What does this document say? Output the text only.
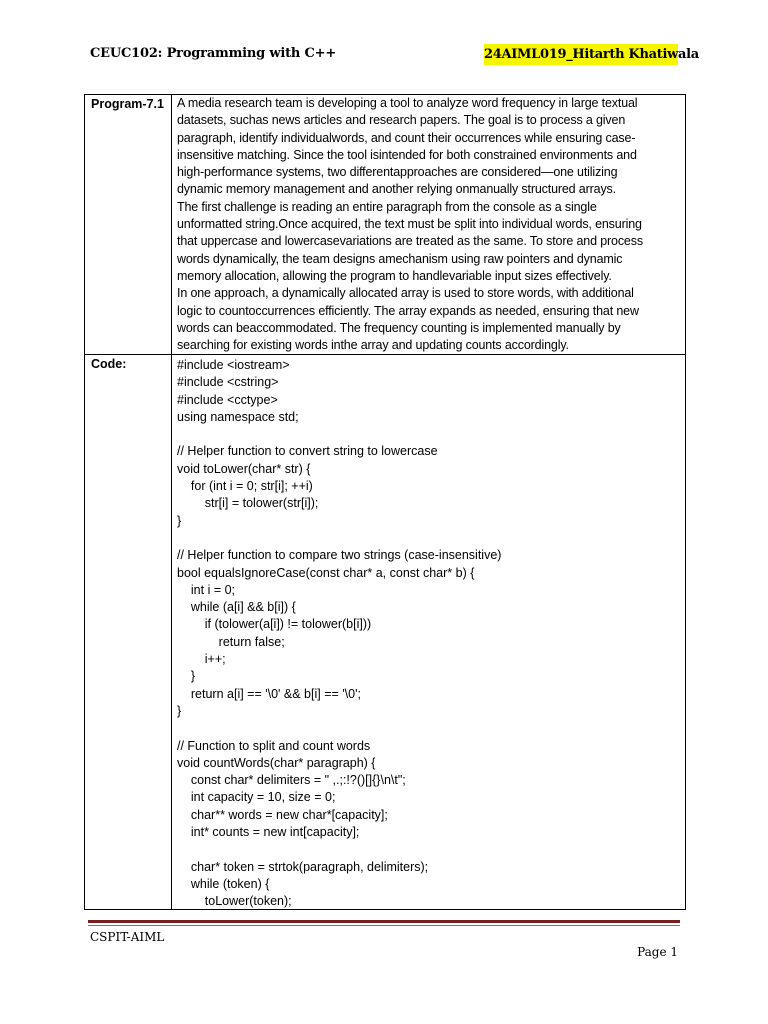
CEUC102: Programming with C++	24AIML019_Hitarth Khatiwala
Program-7.1 A media research team is developing a tool to analyze word frequency in large textual
datasets, suchas news articles and research papers. The goal is to process a given
paragraph, identify individualwords, and count their occurrences while ensuring case-
insensitive matching. Since the tool isintended for both constrained environments and
high-performance systems, two differentapproaches are considered—one utilizing
dynamic memory management and another relying onmanually structured arrays.
The first challenge is reading an entire paragraph from the console as a single
unformatted string.Once acquired, the text must be split into individual words, ensuring
that uppercase and lowercasevariations are treated as the same. To store and process
words dynamically, the team designs amechanism using raw pointers and dynamic
memory allocation, allowing the program to handlevariable input sizes effectively.
In one approach, a dynamically allocated array is used to store words, with additional
logic to countoccurrences efficiently. The array expands as needed, ensuring that new
words can beaccommodated. The frequency counting is implemented manually by
searching for existing words inthe array and updating counts accordingly.
Code:	#include <iostream>
#include <cstring>
#include <cctype>
using namespace std;

// Helper function to convert string to lowercase
void toLower(char* str) {
for (int i = 0; str[i]; ++i)
str[i] = tolower(str[i]);
}

// Helper function to compare two strings (case-insensitive)
bool equalsIgnoreCase(const char* a, const char* b) {
int i = 0;
while (a[i] && b[i]) {
if (tolower(a[i]) != tolower(b[i]))
return false;
i++;
}
return a[i] == '\0' && b[i] == '\0';
}

// Function to split and count words
void countWords(char* paragraph) {
const char* delimiters = " ,.;:!?()[]{}\n\t";
int capacity = 10, size = 0;
char** words = new char*[capacity];
int* counts = new int[capacity];

char* token = strtok(paragraph, delimiters);
while (token) {
toLower(token);
CSPIT-AIML
Page 1
